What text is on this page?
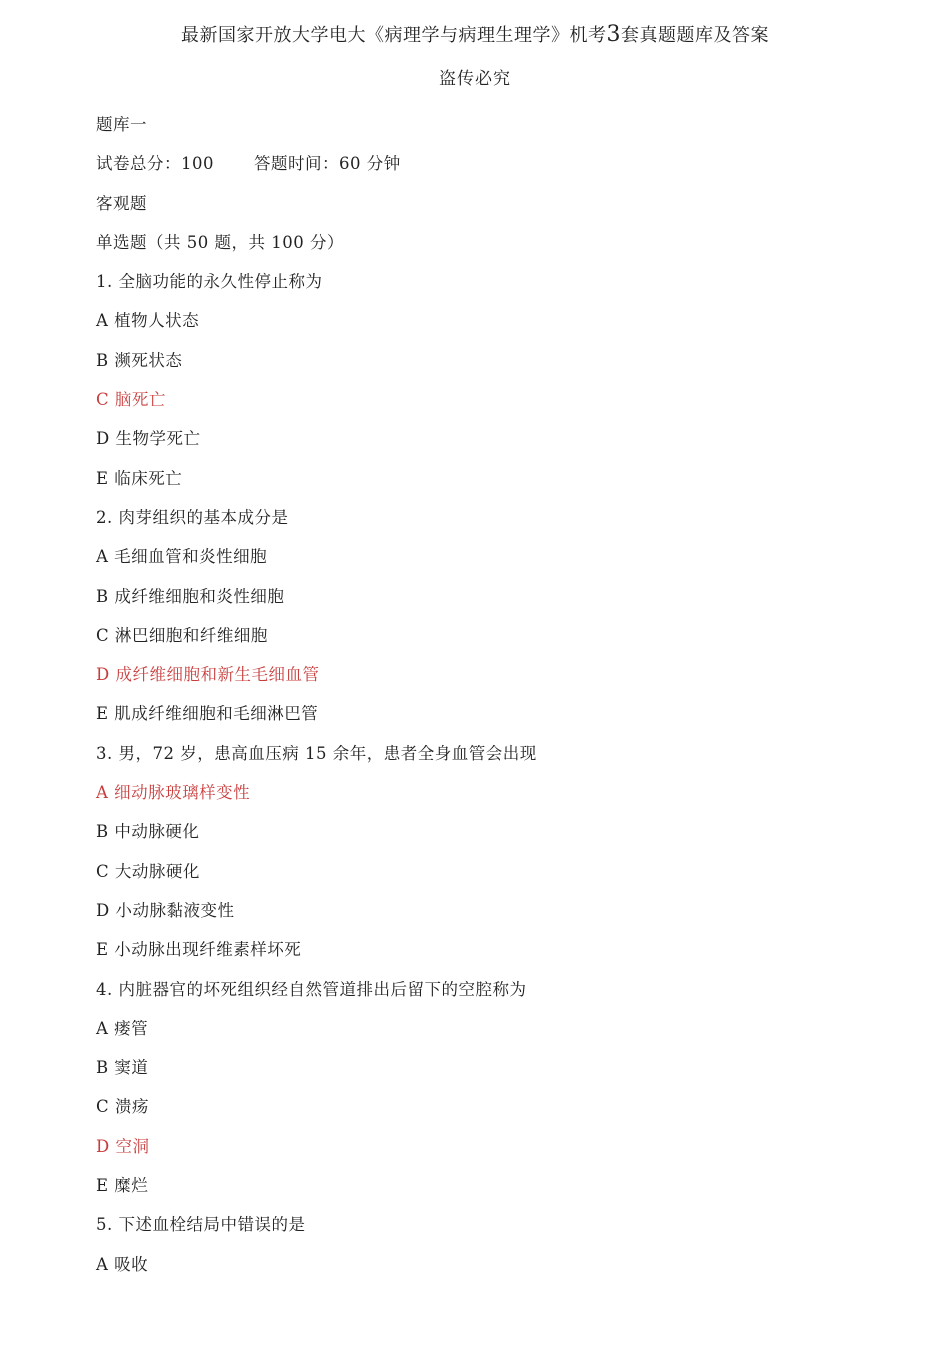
最新国家开放大学电大《病理学与病理生理学》机考3套真题题库及答案
盗传必究
题库一
试卷总分：100 答题时间：60 分钟
客观题
单选题（共 50 题，共 100 分）
1. 全脑功能的永久性停止称为
A 植物人状态
B 濒死状态
C 脑死亡
D 生物学死亡
E 临床死亡
2. 肉芽组织的基本成分是
A 毛细血管和炎性细胞
B 成纤维细胞和炎性细胞
C 淋巴细胞和纤维细胞
D 成纤维细胞和新生毛细血管
E 肌成纤维细胞和毛细淋巴管
3. 男，72 岁，患高血压病 15 余年，患者全身血管会出现
A 细动脉玻璃样变性
B 中动脉硬化
C 大动脉硬化
D 小动脉黏液变性
E 小动脉出现纤维素样坏死
4. 内脏器官的坏死组织经自然管道排出后留下的空腔称为
A 瘘管
B 窦道
C 溃疡
D 空洞
E 糜烂
5. 下述血栓结局中错误的是
A 吸收
